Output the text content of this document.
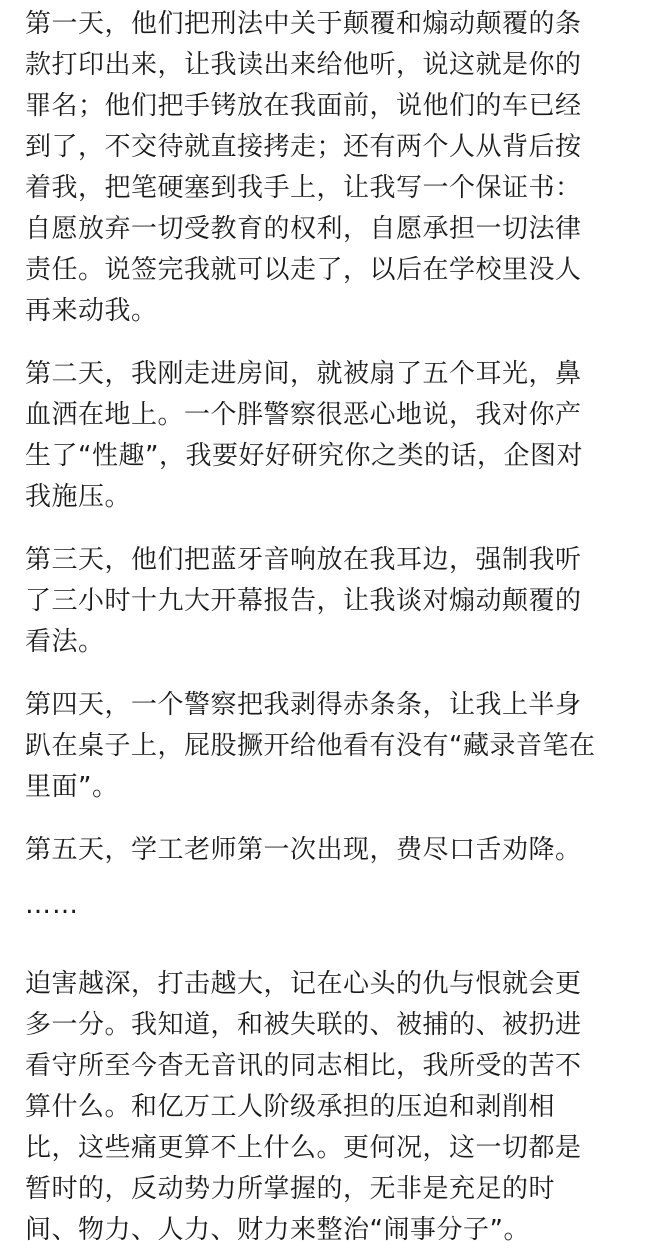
第一天，他们把刑法中关于颠覆和煽动颠覆的条
款打印出来，让我读出来给他听，说这就是你的
罪名；他们把手铐放在我面前，说他们的车已经
到了，不交待就直接拷走；还有两个人从背后按
着我，把笔硬塞到我手上，让我写一个保证书：
自愿放弃一切受教育的权利，自愿承担一切法律
责任。说签完我就可以走了，以后在学校里没人
再来动我。
第二天，我刚走进房间，就被扇了五个耳光，鼻
血洒在地上。一个胖警察很恶心地说，我对你产
生了“性趣”，我要好好研究你之类的话，企图对
我施压。
第三天，他们把蓝牙音响放在我耳边，强制我听
了三小时十九大开幕报告，让我谈对煽动颠覆的
看法。
第四天，一个警察把我剥得赤条条，让我上半身
趴在桌子上，屁股撅开给他看有没有“藏录音笔在
里面”。
第五天，学工老师第一次出现，费尽口舌劝降。
……
迫害越深，打击越大，记在心头的仇与恨就会更
多一分。我知道，和被失联的、被捕的、被扔进
看守所至今杳无音讯的同志相比，我所受的苦不
算什么。和亿万工人阶级承担的压迫和剥削相
比，这些痛更算不上什么。更何况，这一切都是
暂时的，反动势力所掌握的，无非是充足的时
间、物力、人力、财力来整治“闹事分子”。
